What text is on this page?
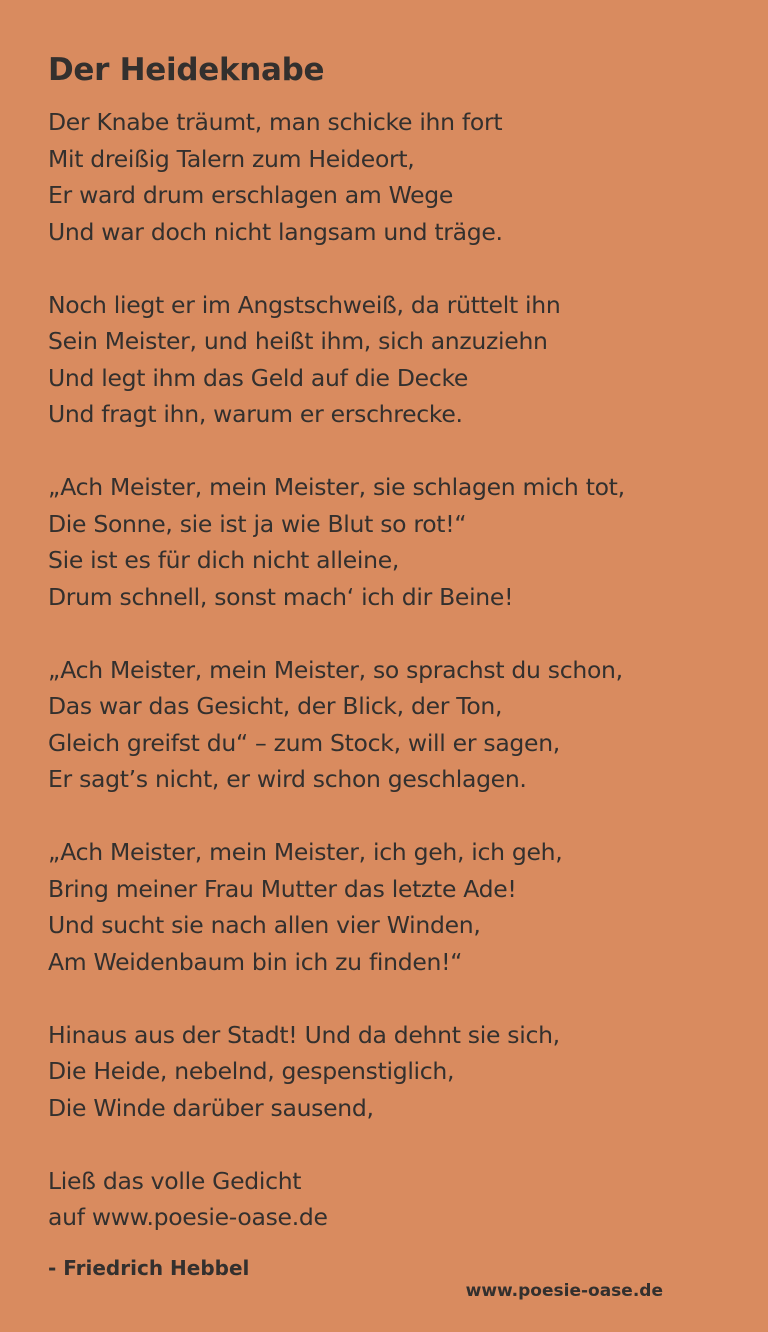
Der Heideknabe
Der Knabe träumt, man schicke ihn fort
Mit dreißig Talern zum Heideort,
Er ward drum erschlagen am Wege
Und war doch nicht langsam und träge.
Noch liegt er im Angstschweiß, da rüttelt ihn
Sein Meister, und heißt ihm, sich anzuziehn
Und legt ihm das Geld auf die Decke
Und fragt ihn, warum er erschrecke.
„Ach Meister, mein Meister, sie schlagen mich tot,
Die Sonne, sie ist ja wie Blut so rot!“
Sie ist es für dich nicht alleine,
Drum schnell, sonst mach‘ ich dir Beine!
„Ach Meister, mein Meister, so sprachst du schon,
Das war das Gesicht, der Blick, der Ton,
Gleich greifst du“ – zum Stock, will er sagen,
Er sagt’s nicht, er wird schon geschlagen.
„Ach Meister, mein Meister, ich geh, ich geh,
Bring meiner Frau Mutter das letzte Ade!
Und sucht sie nach allen vier Winden,
Am Weidenbaum bin ich zu finden!“
Hinaus aus der Stadt! Und da dehnt sie sich,
Die Heide, nebelnd, gespenstiglich,
Die Winde darüber sausend,
Ließ das volle Gedicht
auf www.poesie-oase.de
- Friedrich Hebbel
www.poesie-oase.de
